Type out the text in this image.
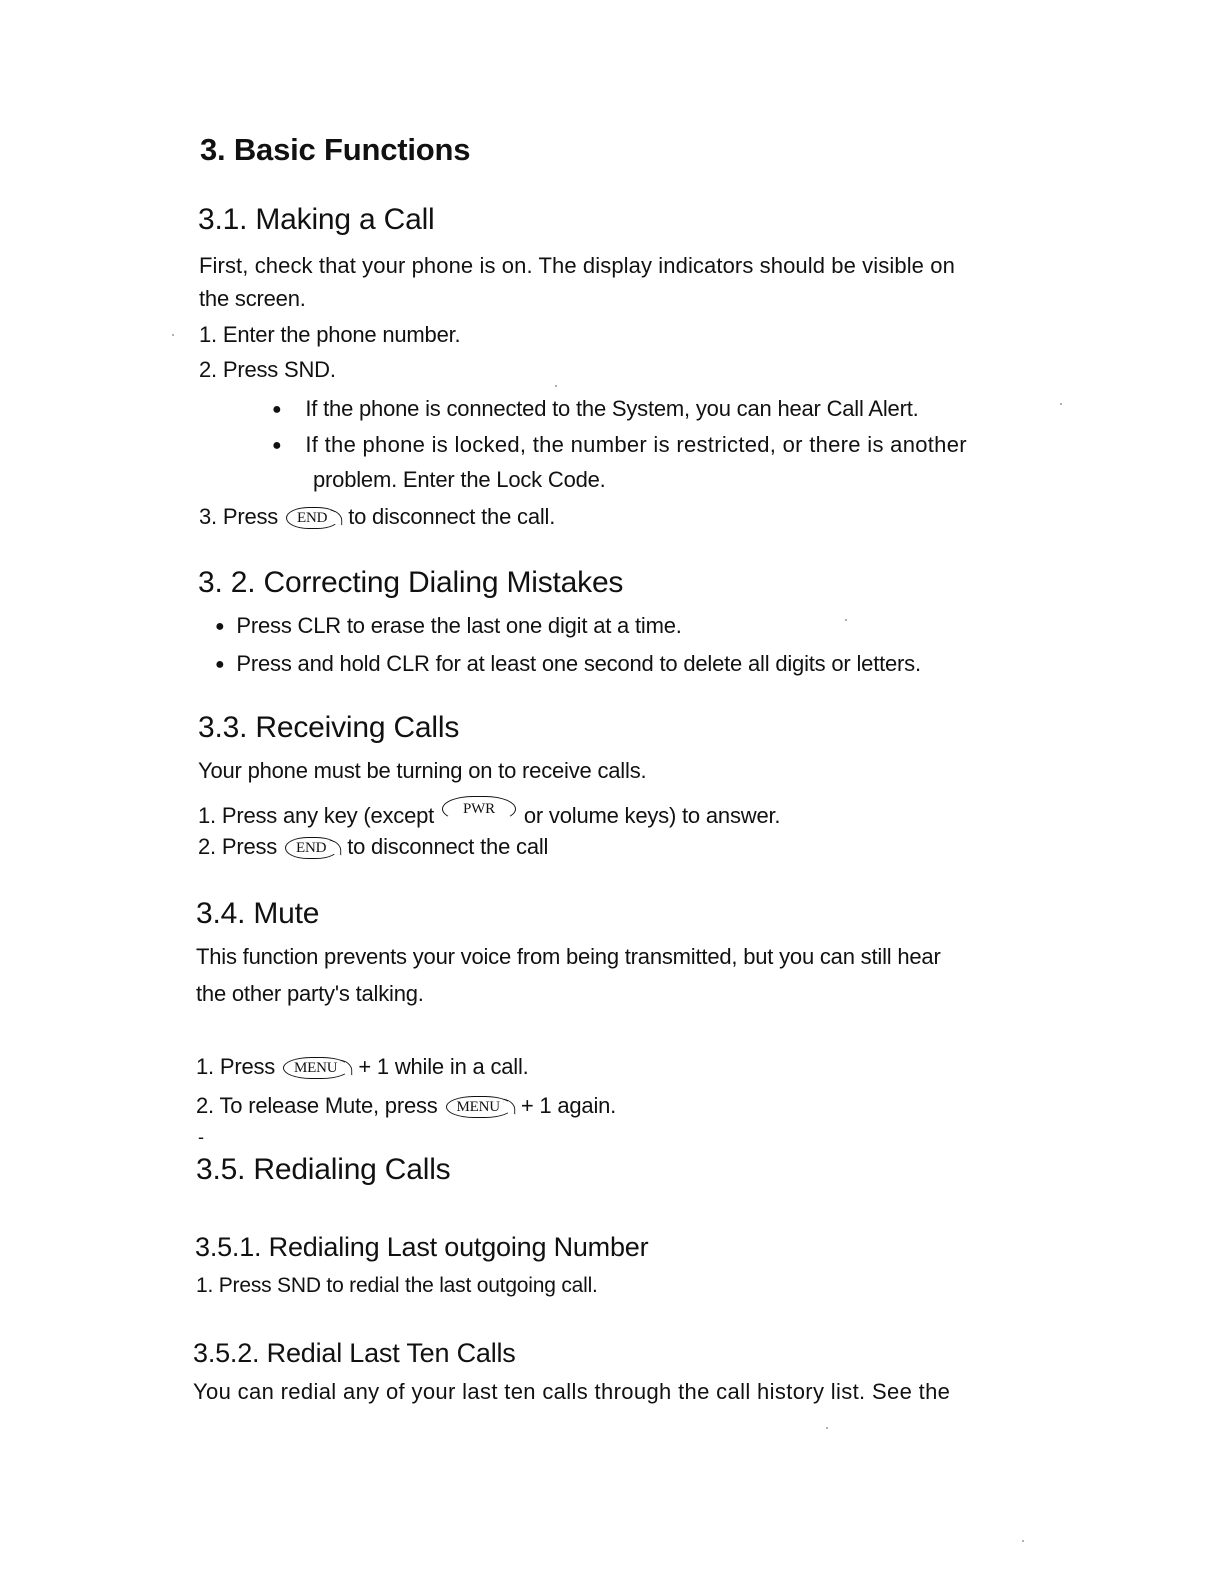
3. Basic Functions
3.1. Making a Call
First, check that your phone is on. The display indicators should be visible on
the screen.
1. Enter the phone number.
2. Press SND.
● If the phone is connected to the System, you can hear Call Alert.
● If the phone is locked, the number is restricted, or there is another
problem. Enter the Lock Code.
3. Press END to disconnect the call.
3. 2. Correcting Dialing Mistakes
● Press CLR to erase the last one digit at a time.
● Press and hold CLR for at least one second to delete all digits or letters.
3.3. Receiving Calls
Your phone must be turning on to receive calls.
1. Press any key (except PWR or volume keys) to answer.
2. Press END to disconnect the call
3.4. Mute
This function prevents your voice from being transmitted, but you can still hear
the other party's talking.
1. Press MENU + 1 while in a call.
2. To release Mute, press MENU + 1 again.
-
3.5. Redialing Calls
3.5.1. Redialing Last outgoing Number
1. Press SND to redial the last outgoing call.
3.5.2. Redial Last Ten Calls
You can redial any of your last ten calls through the call history list. See the
